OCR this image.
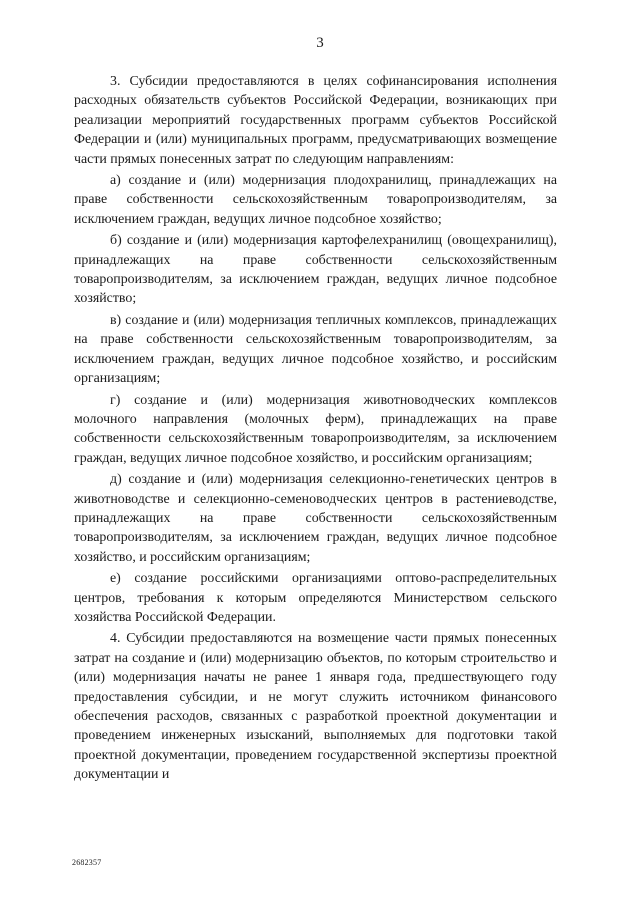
3

3. Субсидии предоставляются в целях софинансирования исполнения расходных обязательств субъектов Российской Федерации, возникающих при реализации мероприятий государственных программ субъектов Российской Федерации и (или) муниципальных программ, предусматривающих возмещение части прямых понесенных затрат по следующим направлениям:

а) создание и (или) модернизация плодохранилищ, принадлежащих на праве собственности сельскохозяйственным товаропроизводителям, за исключением граждан, ведущих личное подсобное хозяйство;

б) создание и (или) модернизация картофелехранилищ (овощехранилищ), принадлежащих на праве собственности сельскохозяйственным товаропроизводителям, за исключением граждан, ведущих личное подсобное хозяйство;

в) создание и (или) модернизация тепличных комплексов, принадлежащих на праве собственности сельскохозяйственным товаропроизводителям, за исключением граждан, ведущих личное подсобное хозяйство, и российским организациям;

г) создание и (или) модернизация животноводческих комплексов молочного направления (молочных ферм), принадлежащих на праве собственности сельскохозяйственным товаропроизводителям, за исключением граждан, ведущих личное подсобное хозяйство, и российским организациям;

д) создание и (или) модернизация селекционно-генетических центров в животноводстве и селекционно-семеноводческих центров в растениеводстве, принадлежащих на праве собственности сельскохозяйственным товаропроизводителям, за исключением граждан, ведущих личное подсобное хозяйство, и российским организациям;

е) создание российскими организациями оптово-распределительных центров, требования к которым определяются Министерством сельского хозяйства Российской Федерации.

4. Субсидии предоставляются на возмещение части прямых понесенных затрат на создание и (или) модернизацию объектов, по которым строительство и (или) модернизация начаты не ранее 1 января года, предшествующего году предоставления субсидии, и не могут служить источником финансового обеспечения расходов, связанных с разработкой проектной документации и проведением инженерных изысканий, выполняемых для подготовки такой проектной документации, проведением государственной экспертизы проектной документации и

2682357
